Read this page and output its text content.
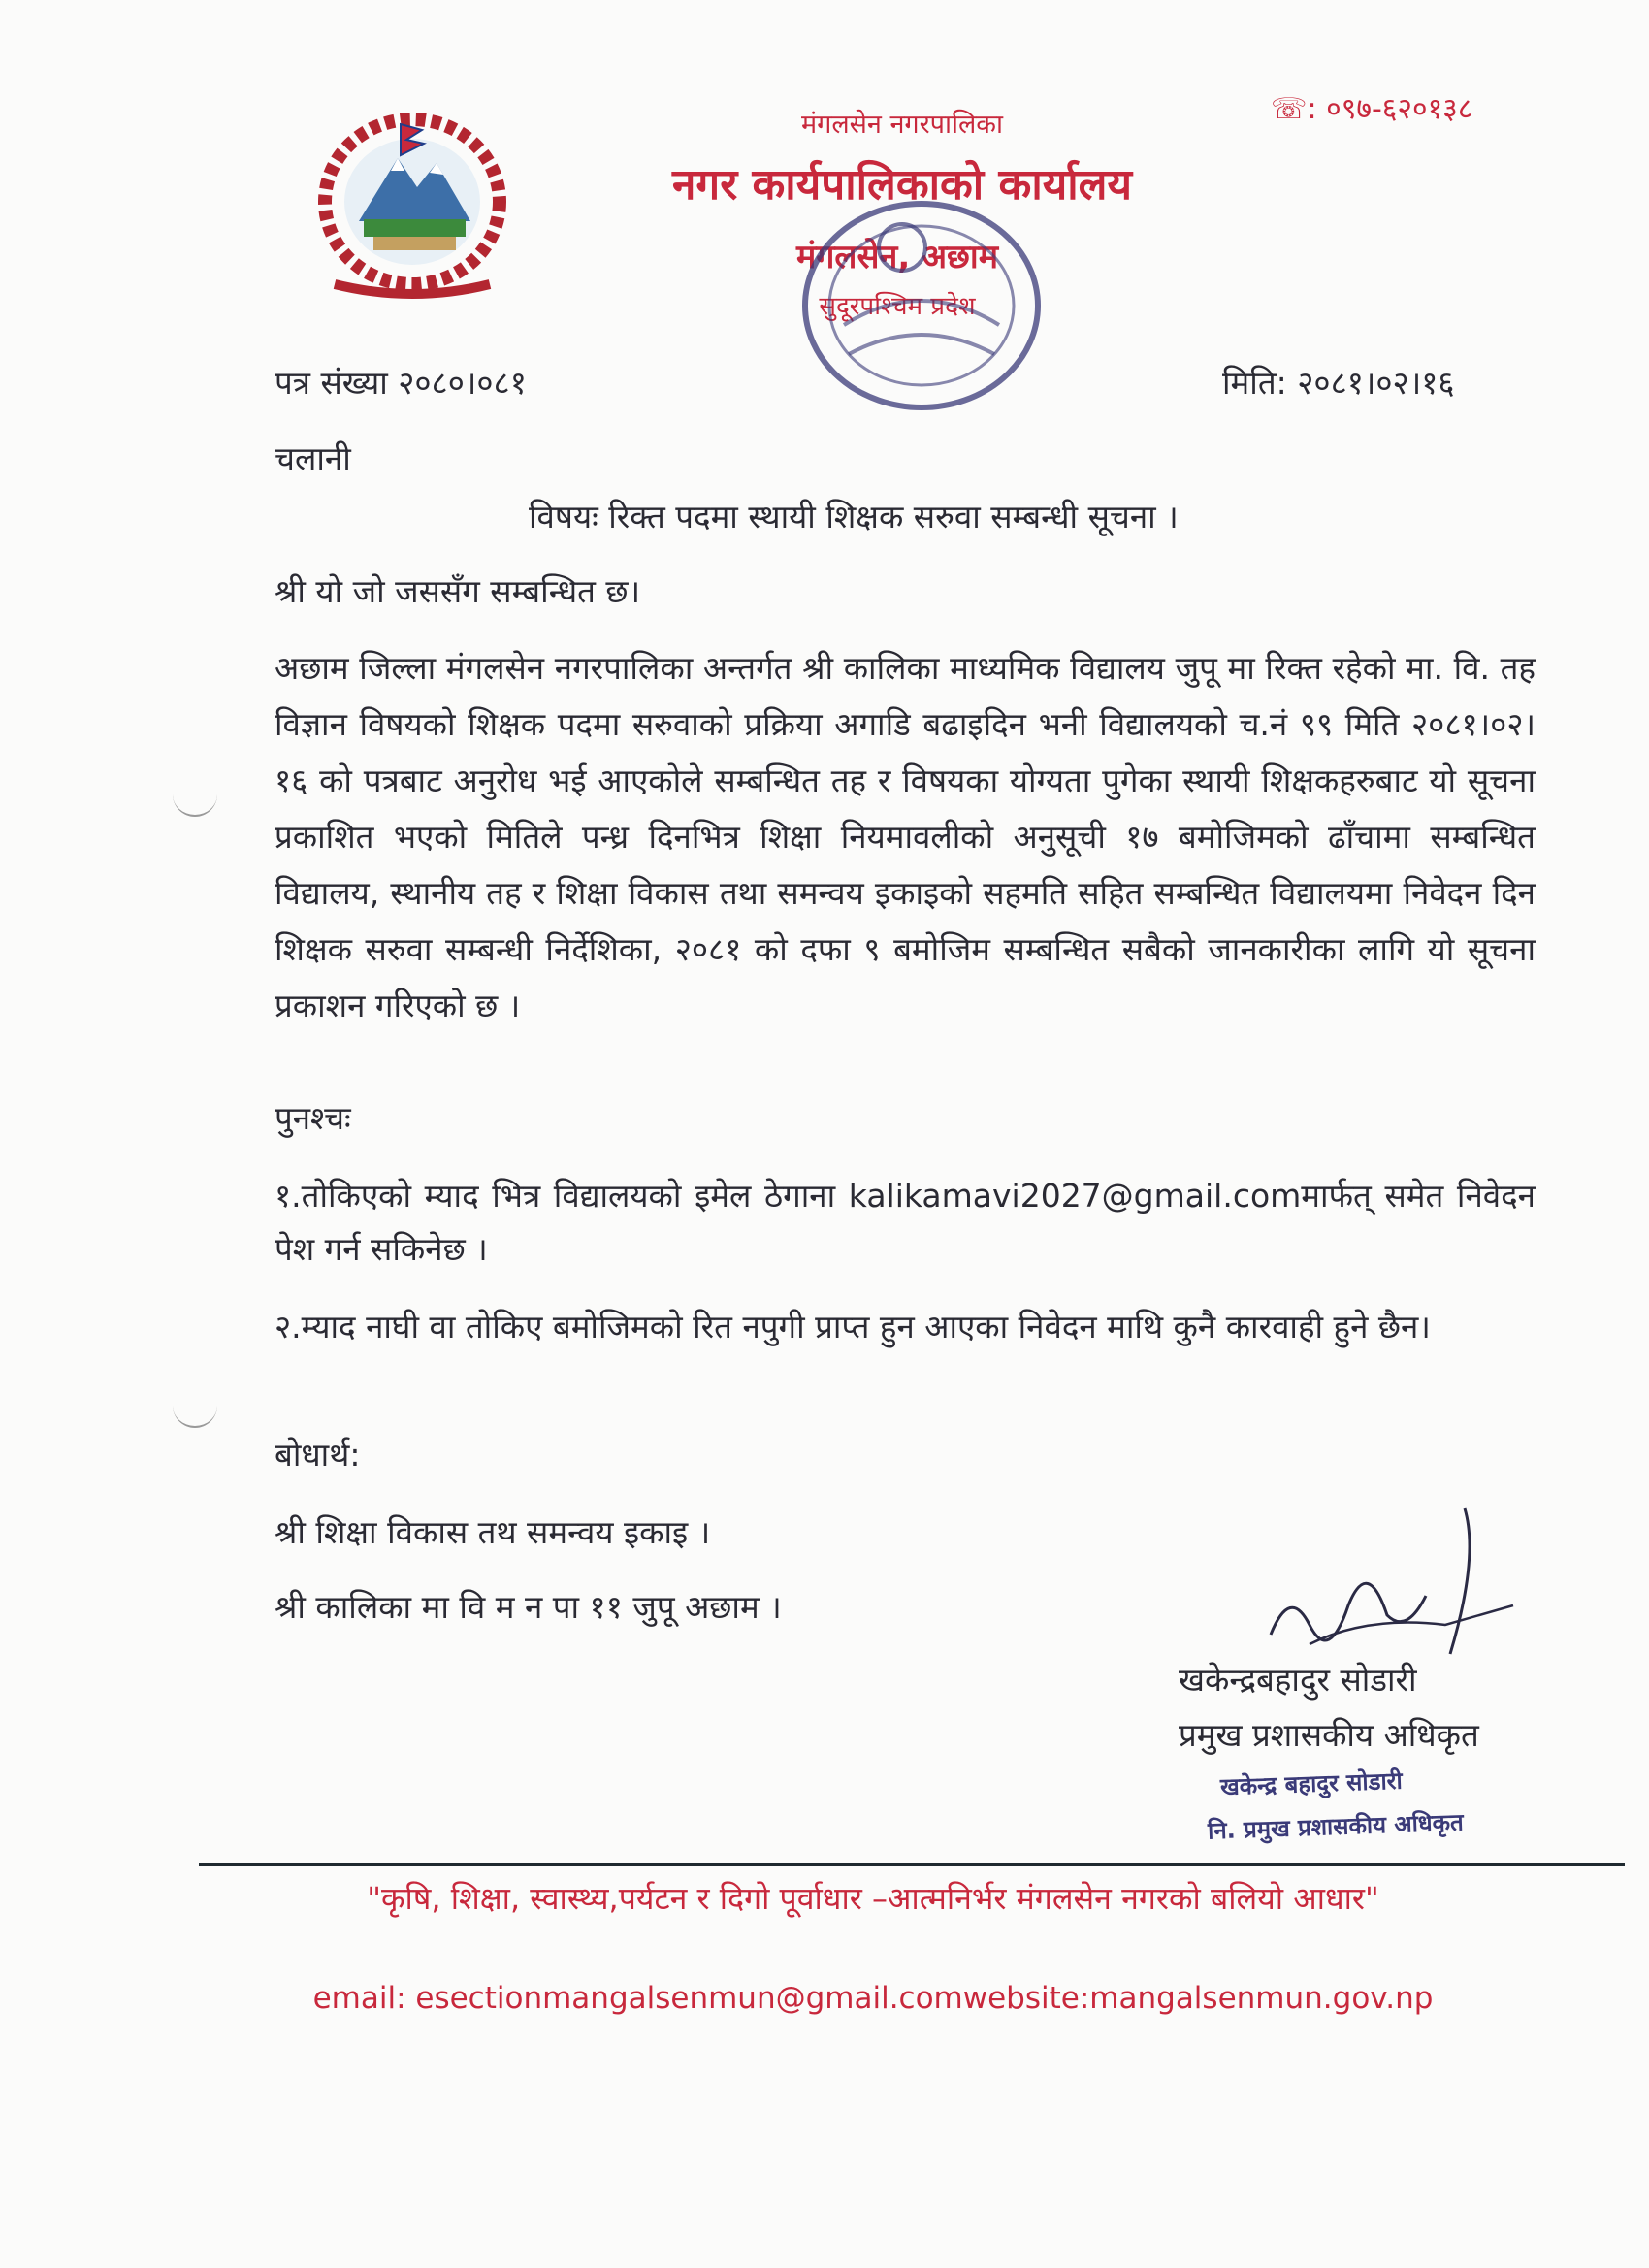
मंगलसेन नगरपालिका
नगर कार्यपालिकाको कार्यालय
मंगलसेन, अछाम
सुदूरपश्चिम प्रदेश
☏: ०९७-६२०१३८
पत्र संख्या २०८०।०८१	मिति: २०८१।०२।१६
चलानी
विषयः रिक्त पदमा स्थायी शिक्षक सरुवा सम्बन्धी सूचना ।
श्री यो जो जससँग सम्बन्धित छ।
अछाम जिल्ला मंगलसेन नगरपालिका अन्तर्गत श्री कालिका माध्यमिक विद्यालय जुपू मा रिक्त रहेको मा. वि. तह विज्ञान विषयको शिक्षक पदमा सरुवाको प्रक्रिया अगाडि बढाइदिन भनी विद्यालयको च.नं ९९ मिति २०८१।०२।१६ को पत्रबाट अनुरोध भई आएकोले सम्बन्धित तह र विषयका योग्यता पुगेका स्थायी शिक्षकहरुबाट यो सूचना प्रकाशित भएको मितिले पन्ध्र दिनभित्र शिक्षा नियमावलीको अनुसूची १७ बमोजिमको ढाँचामा सम्बन्धित विद्यालय, स्थानीय तह र शिक्षा विकास तथा समन्वय इकाइको सहमति सहित सम्बन्धित विद्यालयमा निवेदन दिन शिक्षक सरुवा सम्बन्धी निर्देशिका, २०८१ को दफा ९ बमोजिम सम्बन्धित सबैको जानकारीका लागि यो सूचना प्रकाशन गरिएको छ ।
पुनश्चः
१.तोकिएको म्याद भित्र विद्यालयको इमेल ठेगाना kalikamavi2027@gmail.comमार्फत् समेत निवेदन पेश गर्न सकिनेछ ।
२.म्याद नाघी वा तोकिए बमोजिमको रित नपुगी प्राप्त हुन आएका निवेदन माथि कुनै कारवाही हुने छैन।
बोधार्थ:
श्री शिक्षा विकास तथ समन्वय इकाइ ।
श्री कालिका मा वि म न पा ११ जुपू अछाम ।
खकेन्द्रबहादुर सोडारी
प्रमुख प्रशासकीय अधिकृत
खकेन्द्र बहादुर सोडारी
नि. प्रमुख प्रशासकीय अधिकृत
"कृषि, शिक्षा, स्वास्थ्य,पर्यटन र दिगो पूर्वाधार –आत्मनिर्भर मंगलसेन नगरको बलियो आधार"
email: esectionmangalsenmun@gmail.comwebsite:mangalsenmun.gov.np
